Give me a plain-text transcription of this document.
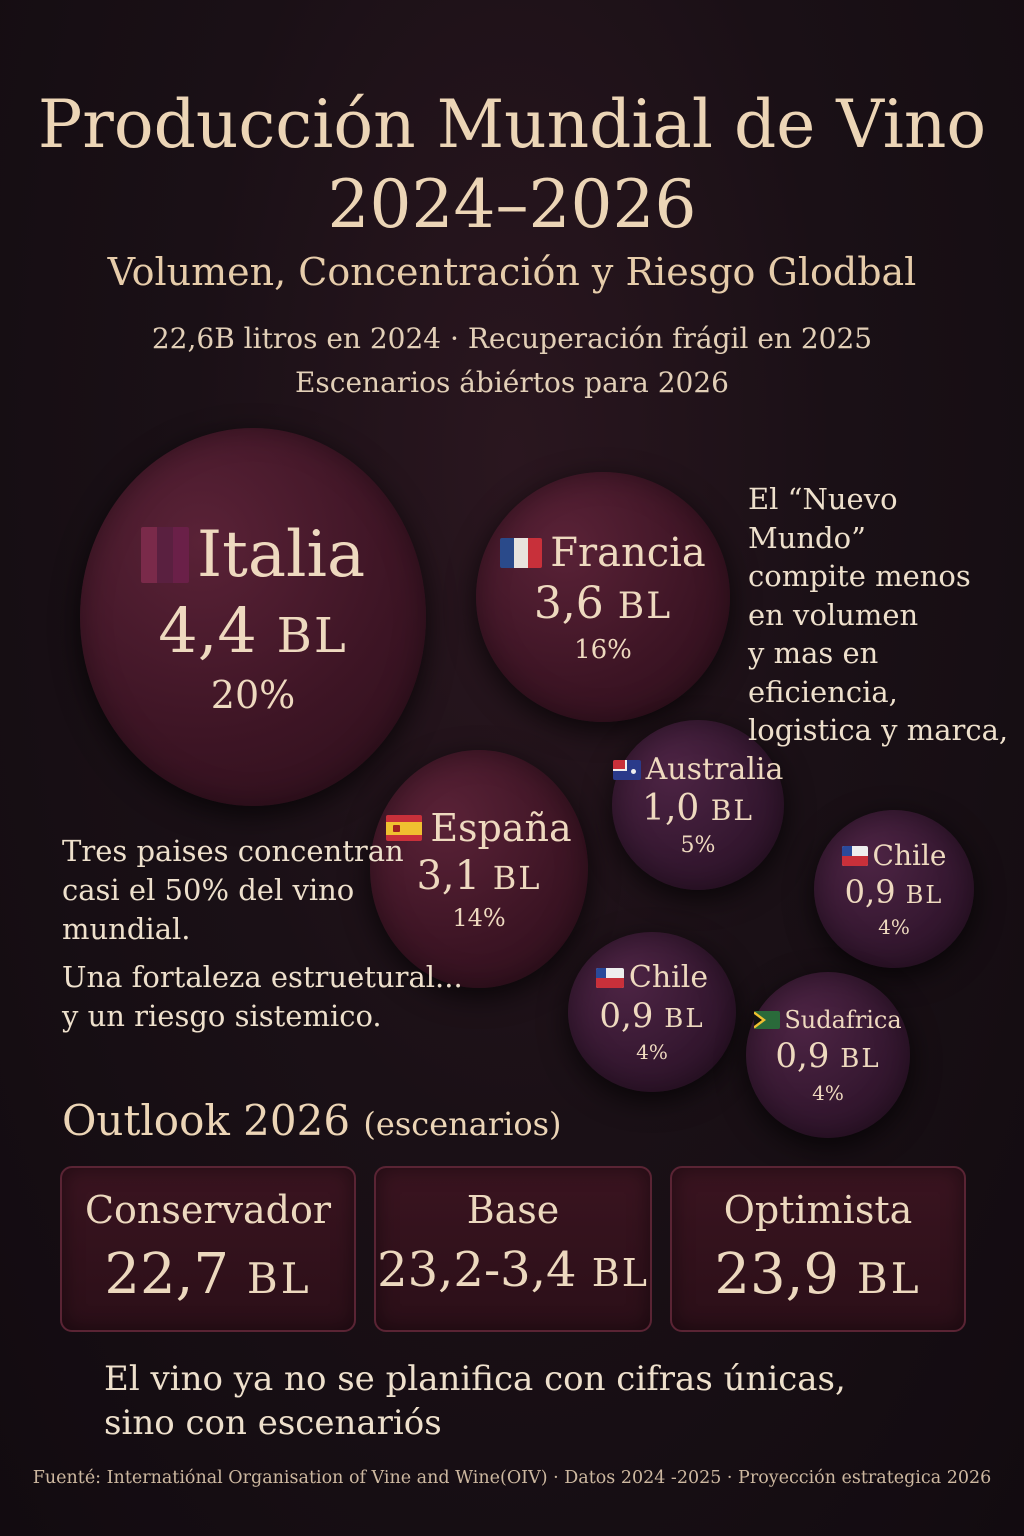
Producción Mundial de Vino
2024–2026
Volumen, Concentración y Riesgo Glodbal
22,6B litros en 2024 · Recuperación frágil en 2025
Escenarios ábiértos para 2026
Italia
4,4 BL
20%
Francia
3,6 BL
16%
España
3,1 BL
14%
Australia
1,0 BL
5%	Chile
0,9 BL
4%
Chile
0,9 BL
4%
Sudafrica
0,9 BL
4%
El “Nuevo Mundo”
compite menos
en volumen
y mas en
eficiencia,
logistica y marca,
Tres paises concentran
casi el 50% del vino
mundial.
Una fortaleza estruetural...
y un riesgo sistemico.
Outlook 2026 (escenarios)
Conservador
22,7 BL
Base
23,2-3,4 BL
Optimista
23,9 BL
El vino ya no se planifica con cifras únicas,
sino con escenariós
Fuenté: Internatiónal Organisation of Vine and Wine(OIV) · Datos 2024 -2025 · Proyección estrategica 2026
